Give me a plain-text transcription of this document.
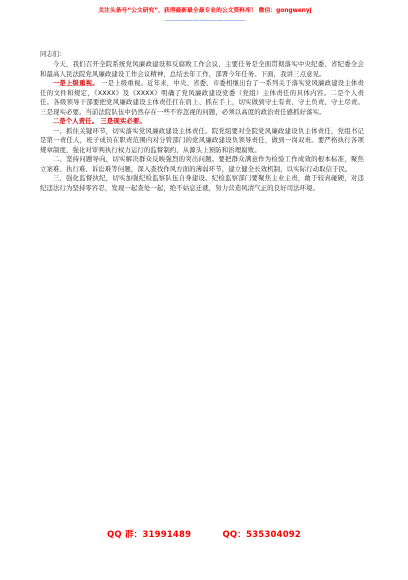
关注头条号“公文研究”，获得最新最全最专业的公文资料库！ 微信：gongwenyj
——————————————

同志们：

今天，我们召开全院系统党风廉政建设和反腐败工作会议，主要任务是全面贯彻落实中央纪委、省纪委全会和最高人民法院党风廉政建设工作会议精神，总结去年工作，部署今年任务。下面，我讲三点意见。

一是上级重视。 一是上级重视。近年来，中央、省委、市委相继出台了一系列关于落实党风廉政建设主体责任的文件和规定，《XXXX》及《XXXX》明确了党风廉政建设党委（党组）主体责任的具体内容。二是个人责任。各级领导干部要把党风廉政建设主体责任扛在肩上、抓在手上，切实做到守土有责、守土负责、守土尽责。三是现实必要。当前法院队伍中仍然存在一些不容忽视的问题，必须以高度的政治责任感抓好落实。

二是个人责任。 三是现实必要。

一、抓住关键环节，切实落实党风廉政建设主体责任。院党组要对全院党风廉政建设负主体责任，党组书记是第一责任人，班子成员在职责范围内对分管部门的党风廉政建设负领导责任，做到一岗双责。要严格执行各项规章制度，强化对审判执行权力运行的监督制约，从源头上预防和治理腐败。

二、坚持问题导向，切实解决群众反映强烈的突出问题。要把群众满意作为检验工作成效的根本标准，聚焦立案难、执行难、诉讼难等问题，深入查找作风方面的薄弱环节，建立健全长效机制，以实际行动取信于民。

三、强化监督执纪，切实加强纪检监察队伍自身建设。纪检监察部门要聚焦主业主责，敢于较真碰硬，对违纪违法行为坚持零容忍，发现一起查处一起，绝不姑息迁就，努力营造风清气正的良好司法环境。

QQ 群：31991489	QQ：535304092
